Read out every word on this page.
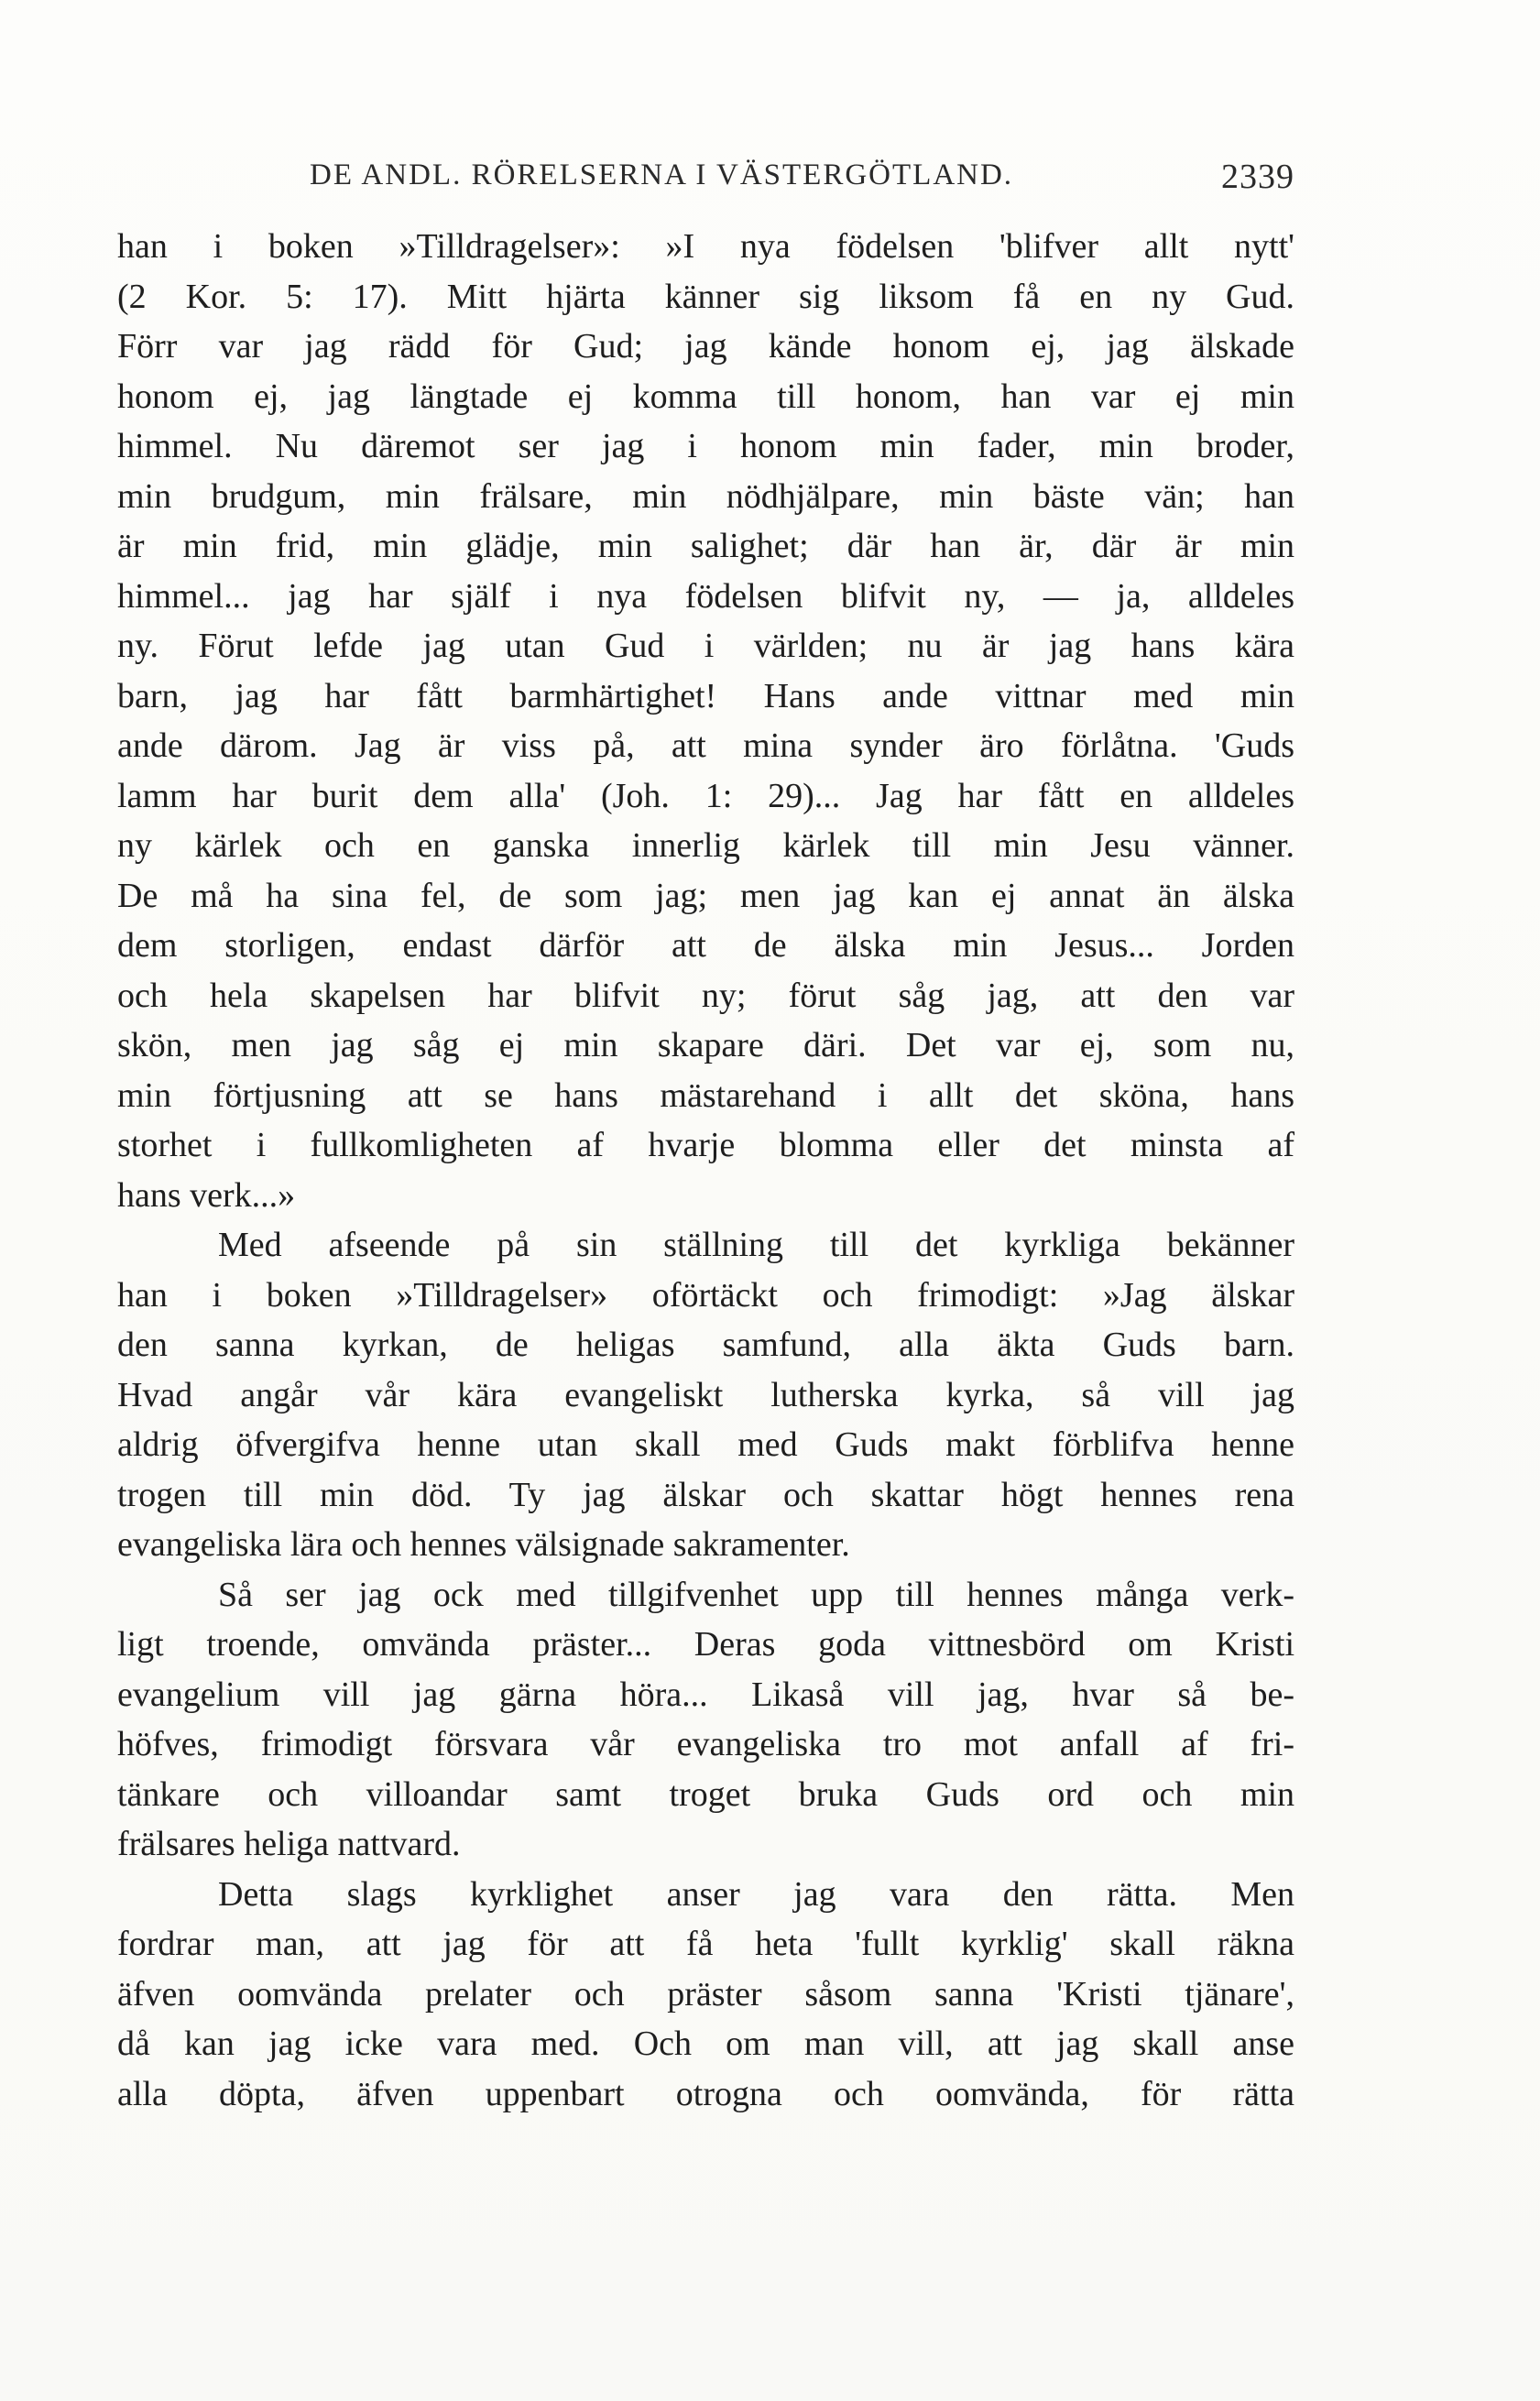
DE ANDL. RÖRELSERNA I VÄSTERGÖTLAND.	2339
han i boken »Tilldragelser»: »I nya födelsen 'blifver allt nytt'
(2 Kor. 5: 17). Mitt hjärta känner sig liksom få en ny Gud.
Förr var jag rädd för Gud; jag kände honom ej, jag älskade
honom ej, jag längtade ej komma till honom, han var ej min
himmel. Nu däremot ser jag i honom min fader, min broder,
min brudgum, min frälsare, min nödhjälpare, min bäste vän; han
är min frid, min glädje, min salighet; där han är, där är min
himmel... jag har själf i nya födelsen blifvit ny, — ja, alldeles
ny. Förut lefde jag utan Gud i världen; nu är jag hans kära
barn, jag har fått barmhärtighet! Hans ande vittnar med min
ande därom. Jag är viss på, att mina synder äro förlåtna. 'Guds
lamm har burit dem alla' (Joh. 1: 29)... Jag har fått en alldeles
ny kärlek och en ganska innerlig kärlek till min Jesu vänner.
De må ha sina fel, de som jag; men jag kan ej annat än älska
dem storligen, endast därför att de älska min Jesus... Jorden
och hela skapelsen har blifvit ny; förut såg jag, att den var
skön, men jag såg ej min skapare däri. Det var ej, som nu,
min förtjusning att se hans mästarehand i allt det sköna, hans
storhet i fullkomligheten af hvarje blomma eller det minsta af
hans verk...»
Med afseende på sin ställning till det kyrkliga bekänner
han i boken »Tilldragelser» oförtäckt och frimodigt: »Jag älskar
den sanna kyrkan, de heligas samfund, alla äkta Guds barn.
Hvad angår vår kära evangeliskt lutherska kyrka, så vill jag
aldrig öfvergifva henne utan skall med Guds makt förblifva henne
trogen till min död. Ty jag älskar och skattar högt hennes rena
evangeliska lära och hennes välsignade sakramenter.
Så ser jag ock med tillgifvenhet upp till hennes många verk-
ligt troende, omvända präster... Deras goda vittnesbörd om Kristi
evangelium vill jag gärna höra... Likaså vill jag, hvar så be-
höfves, frimodigt försvara vår evangeliska tro mot anfall af fri-
tänkare och villoandar samt troget bruka Guds ord och min
frälsares heliga nattvard.
Detta slags kyrklighet anser jag vara den rätta. Men
fordrar man, att jag för att få heta 'fullt kyrklig' skall räkna
äfven oomvända prelater och präster såsom sanna 'Kristi tjänare',
då kan jag icke vara med. Och om man vill, att jag skall anse
alla döpta, äfven uppenbart otrogna och oomvända, för rätta
